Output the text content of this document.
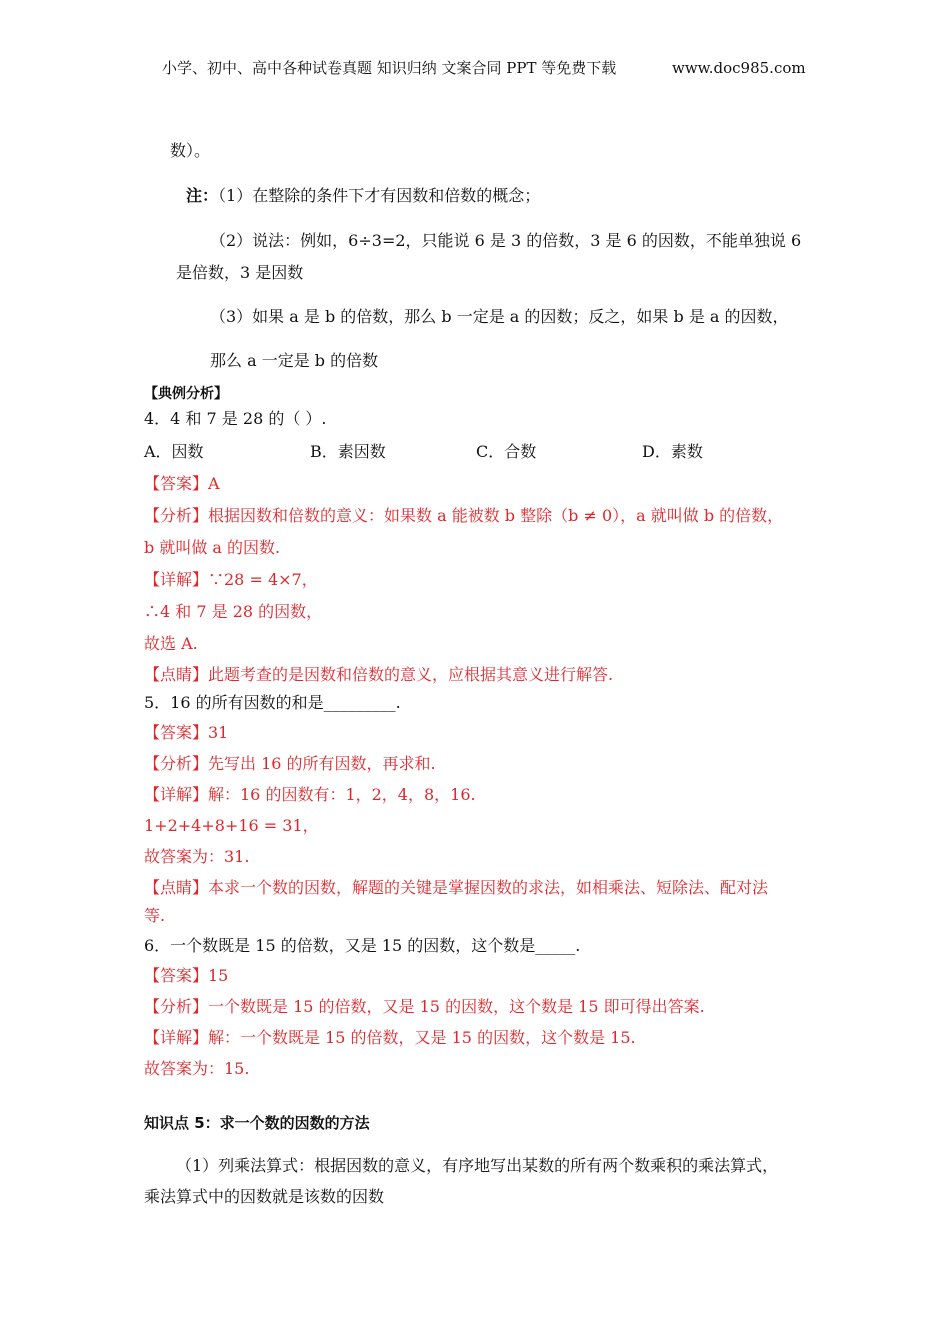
小学、初中、高中各种试卷真题 知识归纳 文案合同 PPT 等免费下载	www.doc985.com
数）。
注：（1）在整除的条件下才有因数和倍数的概念；
（2）说法：例如，6÷3=2，只能说 6 是 3 的倍数，3 是 6 的因数，不能单独说 6
是倍数，3 是因数
（3）如果 a 是 b 的倍数，那么 b 一定是 a 的因数；反之，如果 b 是 a 的因数，
那么 a 一定是 b 的倍数
【典例分析】
4．4 和 7 是 28 的（ ）.
A．因数	B．素因数	C．合数	D．素数
【答案】A
【分析】根据因数和倍数的意义：如果数 a 能被数 b 整除（b ≠ 0），a 就叫做 b 的倍数，
b 就叫做 a 的因数.
【详解】∵28 = 4×7，
∴4 和 7 是 28 的因数，
故选 A.
【点睛】此题考查的是因数和倍数的意义，应根据其意义进行解答.
5．16 的所有因数的和是_________.
【答案】31
【分析】先写出 16 的所有因数，再求和.
【详解】解：16 的因数有：1，2，4，8，16.
1+2+4+8+16 = 31，
故答案为：31.
【点睛】本求一个数的因数，解题的关键是掌握因数的求法，如相乘法、短除法、配对法
等.
6．一个数既是 15 的倍数，又是 15 的因数，这个数是_____.
【答案】15
【分析】一个数既是 15 的倍数，又是 15 的因数，这个数是 15 即可得出答案.
【详解】解：一个数既是 15 的倍数，又是 15 的因数，这个数是 15.
故答案为：15.
知识点 5：求一个数的因数的方法
（1）列乘法算式：根据因数的意义，有序地写出某数的所有两个数乘积的乘法算式，
乘法算式中的因数就是该数的因数
